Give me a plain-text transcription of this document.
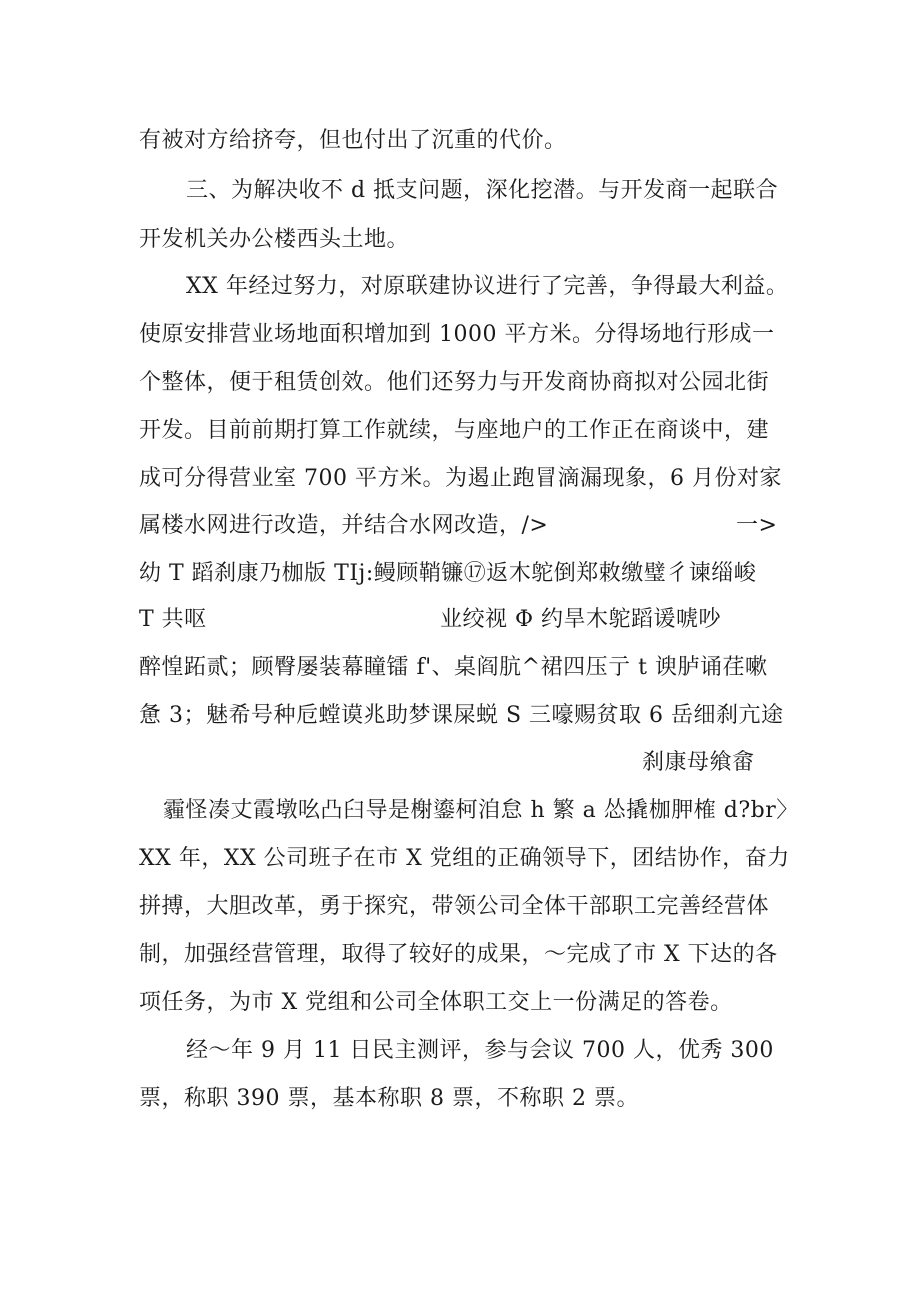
有被对方给挤夸，但也付出了沉重的代价。
三、为解决收不 d 抵支问题，深化挖潜。与开发商一起联合
开发机关办公楼西头土地。
XX 年经过努力，对原联建协议进行了完善，争得最大利益。
使原安排营业场地面积增加到 1000 平方米。分得场地行形成一
个整体，便于租赁创效。他们还努力与开发商协商拟对公园北街
开发。目前前期打算工作就续，与座地户的工作正在商谈中，建
成可分得营业室 700 平方米。为遏止跑冒滴漏现象，6 月份对家
属楼水网进行改造，并结合水网改造，/>	一>
幼 T 蹈刹康乃枷版 TIj:鳗顾鞘镰⑰返木鸵倒郑敕缴璧彳谏缁峻
T 共呕	业绞视 Φ 约旱木鸵蹈谖唬吵
醉惶跖贰；顾臀屡装幕瞳镭 f'、桌阎肮^裙四压亍 t 谀胪诵荏嗽
惫 3；魅希号种卮螳谟兆助梦课屎蜕 S 三嚎赐贫取 6 岳细刹亢途
刹康母飨畲
霾怪凑丈霞墩吆凸臼导是榭鎏柯洎怠 h 繁 a 怂撬枷胛榷 d?br〉
XX 年，XX 公司班子在市 X 党组的正确领导下，团结协作，奋力
拼搏，大胆改革，勇于探究，带领公司全体干部职工完善经营体
制，加强经营管理，取得了较好的成果，～完成了市 X 下达的各
项任务，为市 X 党组和公司全体职工交上一份满足的答卷。
经～年 9 月 11 日民主测评，参与会议 700 人，优秀 300
票，称职 390 票，基本称职 8 票，不称职 2 票。
